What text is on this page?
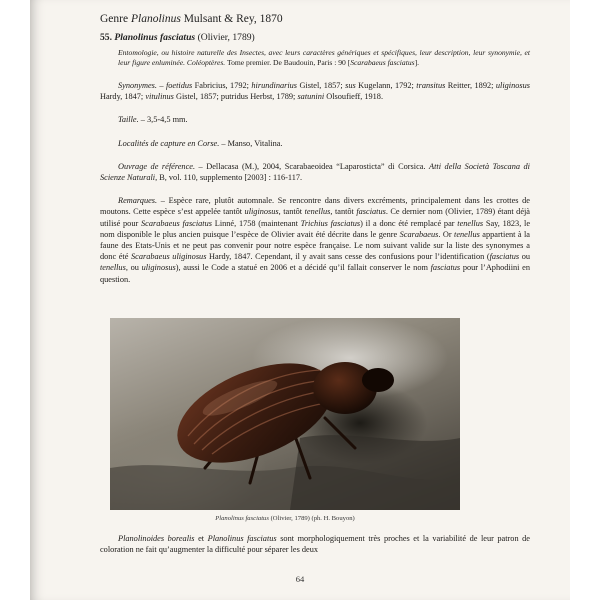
Genre Planolinus Mulsant & Rey, 1870
55. Planolinus fasciatus (Olivier, 1789)

Entomologie, ou histoire naturelle des Insectes, avec leurs caractères génériques et spécifiques, leur description, leur synonymie, et leur figure enluminée. Coléoptères. Tome premier. De Baudouin, Paris : 90 [Scarabaeus fasciatus].

Synonymes. – foetidus Fabricius, 1792; hirundinarius Gistel, 1857; sus Kugelann, 1792; transitus Reitter, 1892; uliginosus Hardy, 1847; vitulinus Gistel, 1857; putridus Herbst, 1789; satunini Olsoufieff, 1918.

Taille. – 3,5-4,5 mm.

Localités de capture en Corse. – Manso, Vitalina.

Ouvrage de référence. – Dellacasa (M.), 2004, Scarabaeoidea “Laparosticta” di Corsica. Atti della Società Toscana di Scienze Naturali, B, vol. 110, supplemento [2003] : 116-117.

Remarques. – Espèce rare, plutôt automnale. Se rencontre dans divers excréments, principalement dans les crottes de moutons. Cette espèce s’est appelée tantôt uliginosus, tantôt tenellus, tantôt fasciatus. Ce dernier nom (Olivier, 1789) étant déjà utilisé pour Scarabaeus fasciatus Linné, 1758 (maintenant Trichius fasciatus) il a donc été remplacé par tenellus Say, 1823, le nom disponible le plus ancien puisque l’espèce de Olivier avait été décrite dans le genre Scarabaeus. Or tenellus appartient à la faune des Etats-Unis et ne peut pas convenir pour notre espèce française. Le nom suivant valide sur la liste des synonymes a donc été Scarabaeus uliginosus Hardy, 1847. Cependant, il y avait sans cesse des confusions pour l’identification (fasciatus ou tenellus, ou uliginosus), aussi le Code a statué en 2006 et a décidé qu’il fallait conserver le nom fasciatus pour l’Aphodiini en question.

Planolinus fasciatus (Olivier, 1789) (ph. H. Bouyon)

Planolinoides borealis et Planolinus fasciatus sont morphologiquement très proches et la variabilité de leur patron de coloration ne fait qu’augmenter la difficulté pour séparer les deux

64
